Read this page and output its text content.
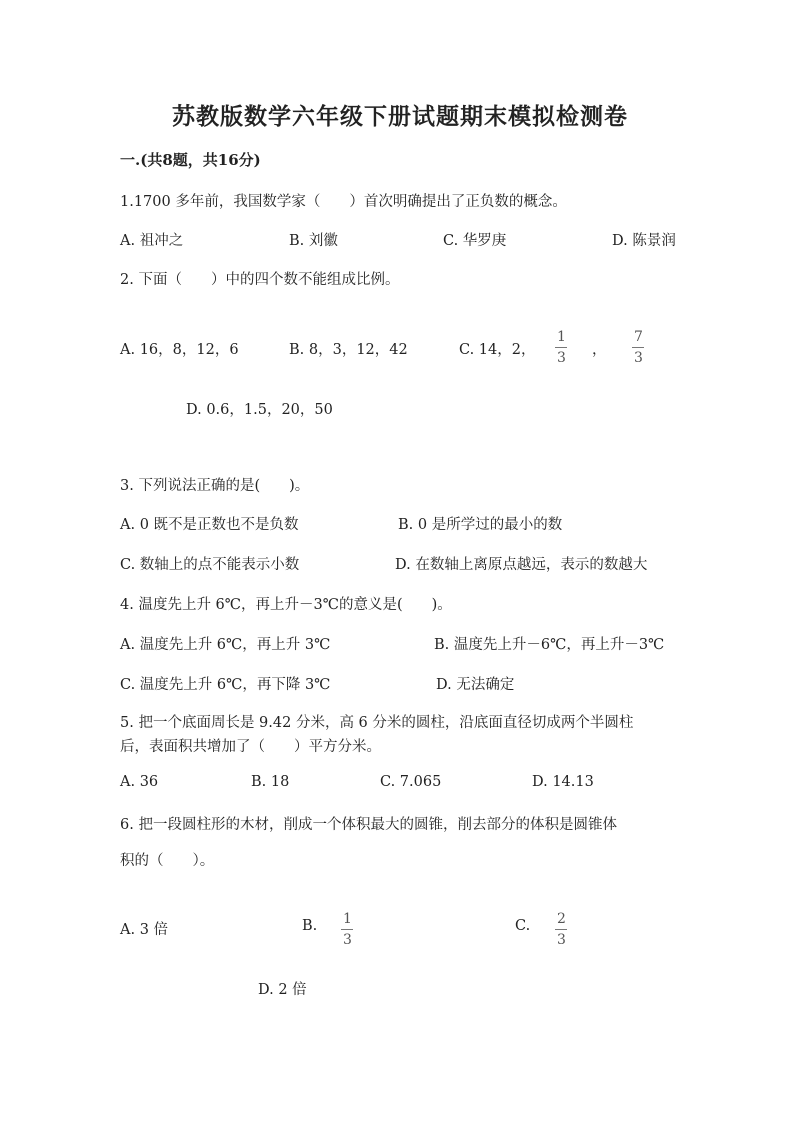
苏教版数学六年级下册试题期末模拟检测卷
一.(共8题，共16分)
1.1700 多年前，我国数学家（　　）首次明确提出了正负数的概念。
A. 祖冲之	B. 刘徽	C. 华罗庚	D. 陈景润
2. 下面（　　）中的四个数不能组成比例。
A. 16，8，12，6	B. 8，3，12，42	C. 14，2，
1
3 ，
7
3
D. 0.6，1.5，20，50
3. 下列说法正确的是(　　)。
A. 0 既不是正数也不是负数	B. 0 是所学过的最小的数
C. 数轴上的点不能表示小数	D. 在数轴上离原点越远，表示的数越大
4. 温度先上升 6℃，再上升－3℃的意义是(　　)。
A. 温度先上升 6℃，再上升 3℃	B. 温度先上升－6℃，再上升－3℃
C. 温度先上升 6℃，再下降 3℃	D. 无法确定
5. 把一个底面周长是 9.42 分米，高 6 分米的圆柱，沿底面直径切成两个半圆柱
后，表面积共增加了（　　）平方分米。
A. 36	B. 18	C. 7.065	D. 14.13
6. 把一段圆柱形的木材，削成一个体积最大的圆锥，削去部分的体积是圆锥体
积的（　　）。
A. 3 倍	B. 1
3
C. 2
3
D. 2 倍
